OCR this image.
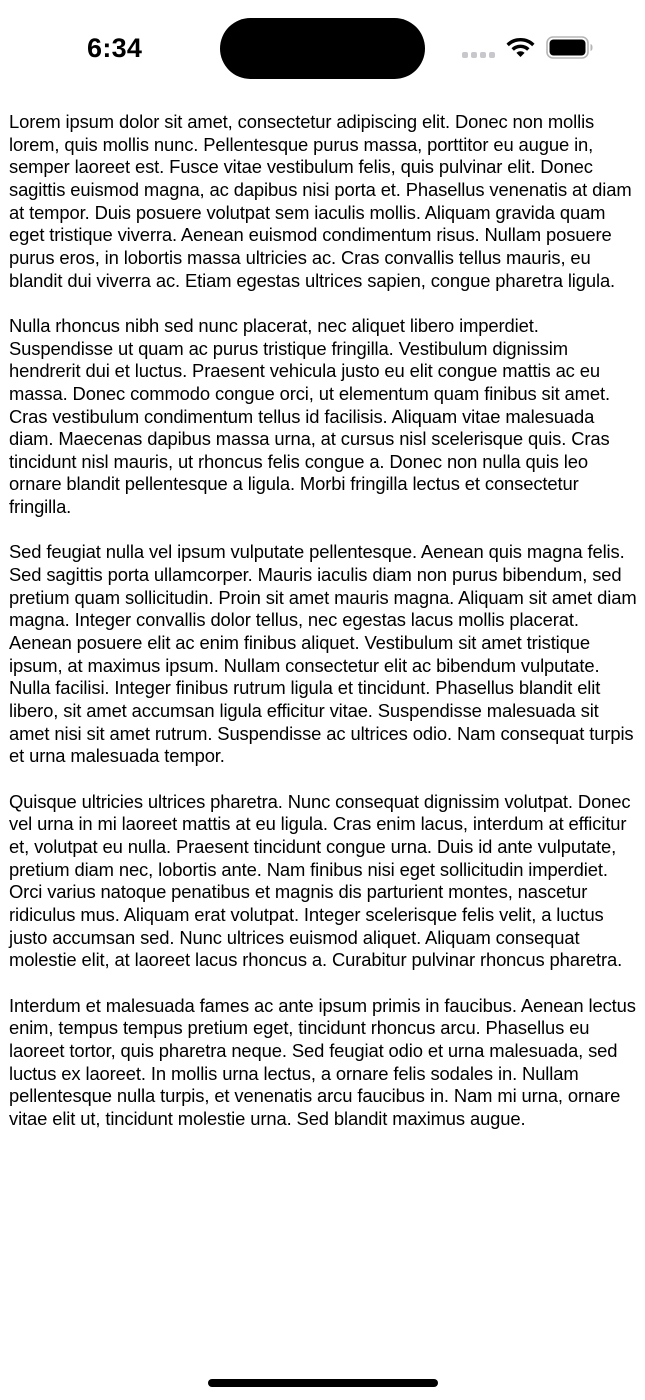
6:34

Lorem ipsum dolor sit amet, consectetur adipiscing elit. Donec non mollis lorem, quis mollis nunc. Pellentesque purus massa, porttitor eu augue in, semper laoreet est. Fusce vitae vestibulum felis, quis pulvinar elit. Donec sagittis euismod magna, ac dapibus nisi porta et. Phasellus venenatis at diam at tempor. Duis posuere volutpat sem iaculis mollis. Aliquam gravida quam eget tristique viverra. Aenean euismod condimentum risus. Nullam posuere purus eros, in lobortis massa ultricies ac. Cras convallis tellus mauris, eu blandit dui viverra ac. Etiam egestas ultrices sapien, congue pharetra ligula.

Nulla rhoncus nibh sed nunc placerat, nec aliquet libero imperdiet. Suspendisse ut quam ac purus tristique fringilla. Vestibulum dignissim hendrerit dui et luctus. Praesent vehicula justo eu elit congue mattis ac eu massa. Donec commodo congue orci, ut elementum quam finibus sit amet. Cras vestibulum condimentum tellus id facilisis. Aliquam vitae malesuada diam. Maecenas dapibus massa urna, at cursus nisl scelerisque quis. Cras tincidunt nisl mauris, ut rhoncus felis congue a. Donec non nulla quis leo ornare blandit pellentesque a ligula. Morbi fringilla lectus et consectetur fringilla.

Sed feugiat nulla vel ipsum vulputate pellentesque. Aenean quis magna felis. Sed sagittis porta ullamcorper. Mauris iaculis diam non purus bibendum, sed pretium quam sollicitudin. Proin sit amet mauris magna. Aliquam sit amet diam magna. Integer convallis dolor tellus, nec egestas lacus mollis placerat. Aenean posuere elit ac enim finibus aliquet. Vestibulum sit amet tristique ipsum, at maximus ipsum. Nullam consectetur elit ac bibendum vulputate. Nulla facilisi. Integer finibus rutrum ligula et tincidunt. Phasellus blandit elit libero, sit amet accumsan ligula efficitur vitae. Suspendisse malesuada sit amet nisi sit amet rutrum. Suspendisse ac ultrices odio. Nam consequat turpis et urna malesuada tempor.

Quisque ultricies ultrices pharetra. Nunc consequat dignissim volutpat. Donec vel urna in mi laoreet mattis at eu ligula. Cras enim lacus, interdum at efficitur et, volutpat eu nulla. Praesent tincidunt congue urna. Duis id ante vulputate, pretium diam nec, lobortis ante. Nam finibus nisi eget sollicitudin imperdiet. Orci varius natoque penatibus et magnis dis parturient montes, nascetur ridiculus mus. Aliquam erat volutpat. Integer scelerisque felis velit, a luctus justo accumsan sed. Nunc ultrices euismod aliquet. Aliquam consequat molestie elit, at laoreet lacus rhoncus a. Curabitur pulvinar rhoncus pharetra.

Interdum et malesuada fames ac ante ipsum primis in faucibus. Aenean lectus enim, tempus tempus pretium eget, tincidunt rhoncus arcu. Phasellus eu laoreet tortor, quis pharetra neque. Sed feugiat odio et urna malesuada, sed luctus ex laoreet. In mollis urna lectus, a ornare felis sodales in. Nullam pellentesque nulla turpis, et venenatis arcu faucibus in. Nam mi urna, ornare vitae elit ut, tincidunt molestie urna. Sed blandit maximus augue.
